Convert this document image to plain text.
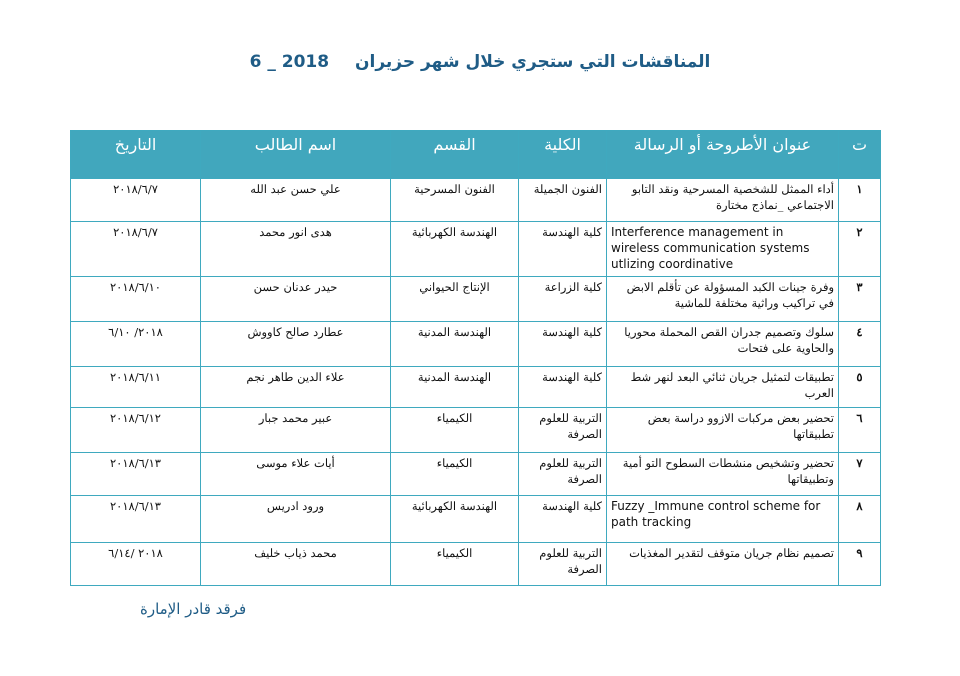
المناقشات التي ستجري خلال شهر حزيران 6 _ 2018
ت	عنوان الأطروحة أو الرسالة	الكلية	القسم	اسم الطالب	التاريخ
١	أداء الممثل للشخصية المسرحية ونقد التابو الاجتماعي _نماذج مختارة	الفنون الجميلة	الفنون المسرحية	علي حسن عبد الله	٢٠١٨/٦/٧
٢	Interference management in wireless communication systems utlizing coordinative	كلية الهندسة	الهندسة الكهربائية	هدى انور محمد	٢٠١٨/٦/٧
٣	وفرة جينات الكبد المسؤولة عن تأقلم الابض في تراكيب وراثية مختلفة للماشية	كلية الزراعة	الإنتاج الحيواني	حيدر عدنان حسن	٢٠١٨/٦/١٠
٤	سلوك وتصميم جدران القص المحملة محوريا والحاوية على فتحات	كلية الهندسة	الهندسة المدنية	عطارد صالح كاووش	٢٠١٨/ ٦/١٠
٥	تطبيقات لتمثيل جريان ثنائي البعد لنهر شط العرب	كلية الهندسة	الهندسة المدنية	علاء الدين طاهر نجم	٢٠١٨/٦/١١
٦	تحضير بعض مركبات الازوو دراسة بعض تطبيقاتها	التربية للعلوم الصرفة	الكيمياء	عبير محمد جبار	٢٠١٨/٦/١٢
٧	تحضير وتشخيص منشطات السطوح التو أمية وتطبيقاتها	التربية للعلوم الصرفة	الكيمياء	أيات علاء موسى	٢٠١٨/٦/١٣
٨	Fuzzy _Immune control scheme for path tracking	كلية الهندسة	الهندسة الكهربائية	ورود ادريس	٢٠١٨/٦/١٣
٩	تصميم نظام جريان متوقف لتقدير المغذيات	التربية للعلوم الصرفة	الكيمياء	محمد ذياب خليف	٢٠١٨ /٦/١٤
فرقد قادر الإمارة
